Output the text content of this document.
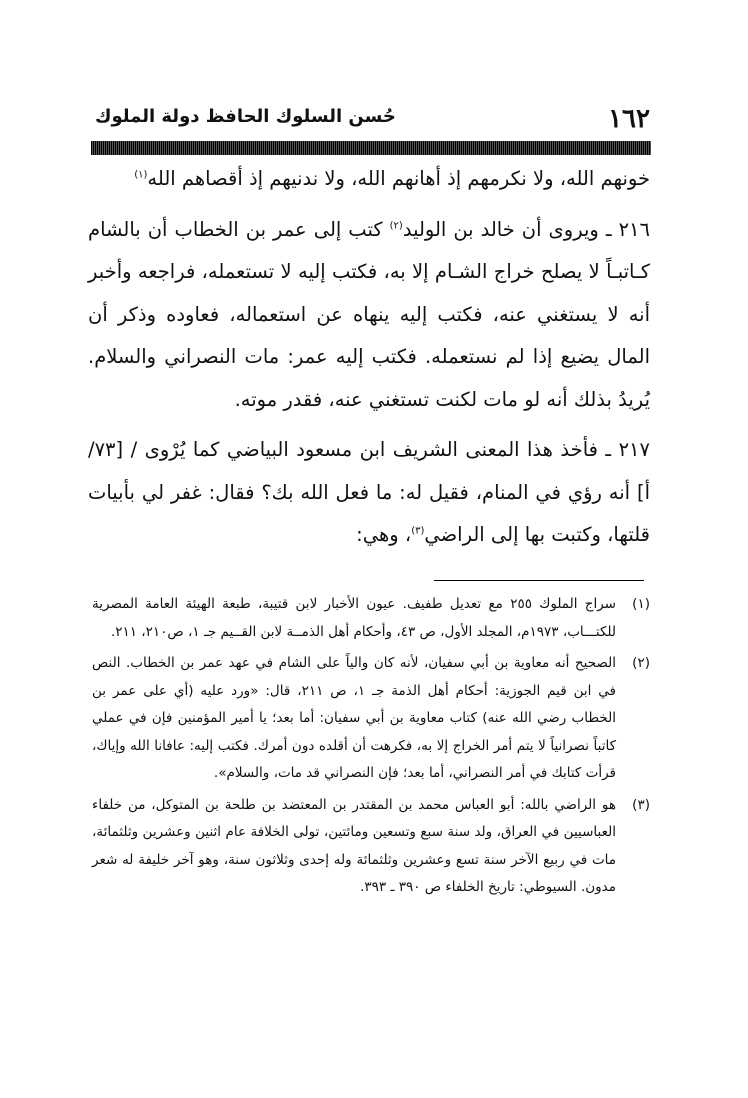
١٦٢
حُسن السلوك الحافظ دولة الملوك

خونهم الله، ولا نكرمهم إذ أهانهم الله، ولا ندنيهم إذ أقصاهم الله$^{(١)}$

٢١٦ ـ ويروى أن خالد بن الوليد$^{(٢)}$ كتب إلى عمر بن الخطاب أن بالشام كـاتبـاً لا يصلح خراج الشـام إلا به، فكتب إليه لا تستعمله، فراجعه وأخبر أنه لا يستغني عنه، فكتب إليه ينهاه عن استعماله، فعاوده وذكر أن المال يضيع إذا لم نستعمله. فكتب إليه عمر: مات النصراني والسلام. يُريدُ بذلك أنه لو مات لكنت تستغني عنه، فقدر موته.

٢١٧ ـ فأخذ هذا المعنى الشريف ابن مسعود البياضي كما يُرْوى / [٧٣/ أ] أنه رؤي في المنام، فقيل له: ما فعل الله بك؟ فقال: غفر لي بأبيات قلتها، وكتبت بها إلى الراضي$^{(٣)}$، وهي:

(١)
سراج الملوك ٢٥٥ مع تعديل طفيف. عيون الأخبار لابن قتيبة، طبعة الهيئة العامة المصرية للكتـــاب، ١٩٧٣م، المجلد الأول، ص ٤٣، وأحكام أهل الذمــة لابن القــيم جـ ١، ص٢١٠، ٢١١.
(٢)
الصحيح أنه معاوية بن أبي سفيان، لأنه كان والياً على الشام في عهد عمر بن الخطاب. النص في ابن قيم الجوزية: أحكام أهل الذمة جـ ١، ص ٢١١، قال: «ورد عليه (أي على عمر بن الخطاب رضي الله عنه) كتاب معاوية بن أبي سفيان: أما بعد؛ يا أمير المؤمنين فإن في عملي كاتباً نصرانياً لا يتم أمر الخراج إلا به، فكرهت أن أقلده دون أمرك. فكتب إليه: عافانا الله وإياك، قرأت كتابك في أمر النصراني، أما بعد؛ فإن النصراني قد مات، والسلام».
(٣)
هو الراضي بالله: أبو العباس محمد بن المقتدر بن المعتضد بن طلحة بن المتوكل، من خلفاء العباسيين في العراق، ولد سنة سبع وتسعين ومائتين، تولى الخلافة عام اثنين وعشرين وثلثمائة، مات في ربيع الآخر سنة تسع وعشرين وثلثمائة وله إحدى وثلاثون سنة، وهو آخر خليفة له شعر مدون. السيوطي: تاريخ الخلفاء ص ٣٩٠ ـ ٣٩٣.
